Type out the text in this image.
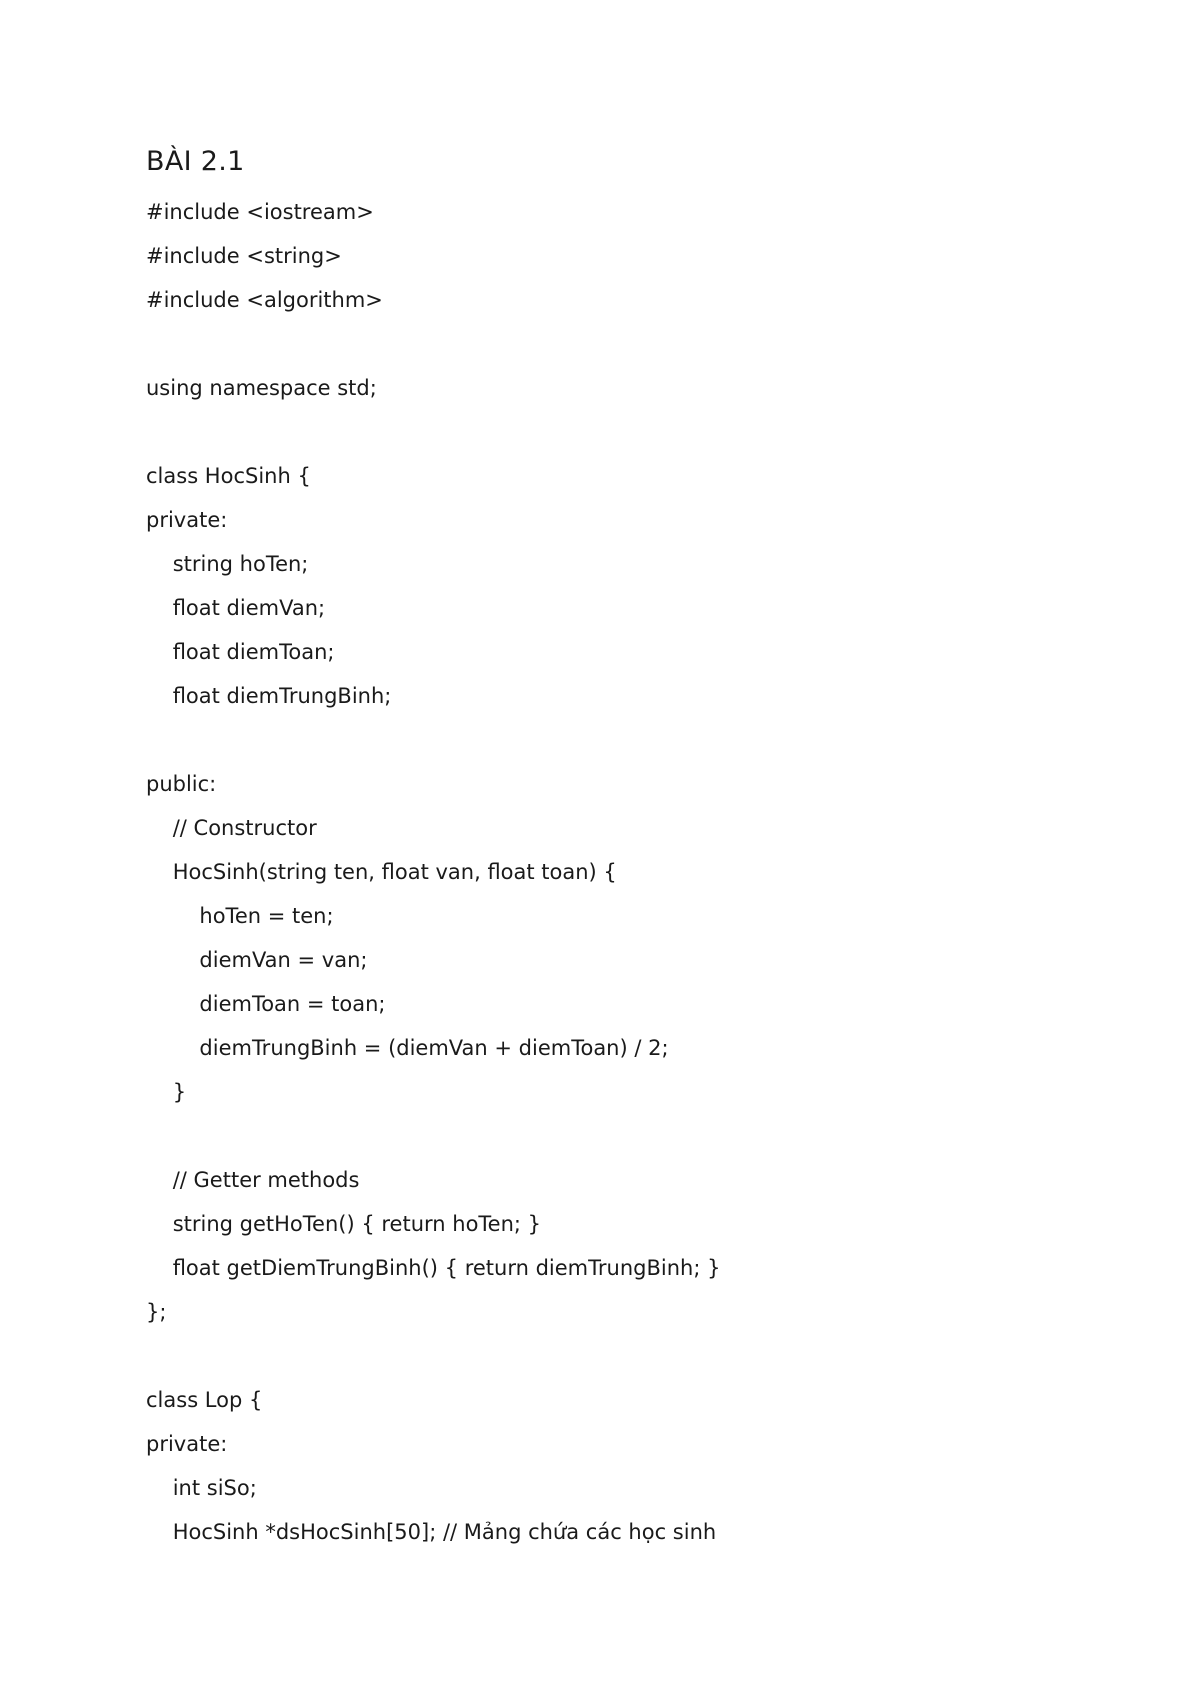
BÀI 2.1
#include <iostream>
#include <string>
#include <algorithm>
using namespace std;
class HocSinh {
private:
string hoTen;
float diemVan;
float diemToan;
float diemTrungBinh;
public:
// Constructor
HocSinh(string ten, float van, float toan) {
hoTen = ten;
diemVan = van;
diemToan = toan;
diemTrungBinh = (diemVan + diemToan) / 2;
}
// Getter methods
string getHoTen() { return hoTen; }
float getDiemTrungBinh() { return diemTrungBinh; }
};
class Lop {
private:
int siSo;
HocSinh *dsHocSinh[50]; // Mảng chứa các học sinh
